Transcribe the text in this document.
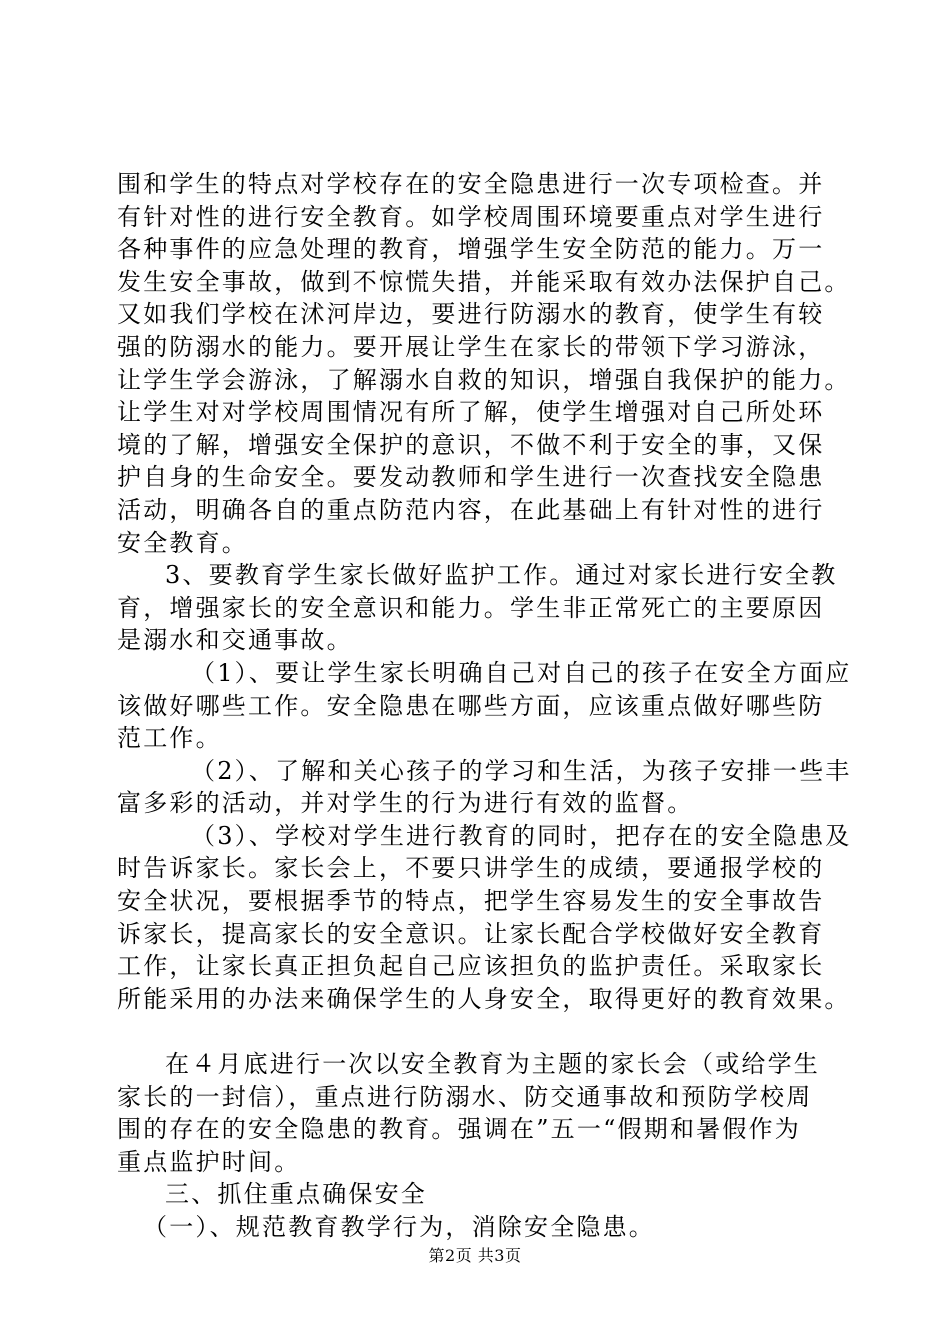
围和学生的特点对学校存在的安全隐患进行一次专项检查。并
有针对性的进行安全教育。如学校周围环境要重点对学生进行
各种事件的应急处理的教育，增强学生安全防范的能力。万一
发生安全事故，做到不惊慌失措，并能采取有效办法保护自己。
又如我们学校在沭河岸边，要进行防溺水的教育，使学生有较
强的防溺水的能力。要开展让学生在家长的带领下学习游泳，
让学生学会游泳，了解溺水自救的知识，增强自我保护的能力。
让学生对对学校周围情况有所了解，使学生增强对自己所处环
境的了解，增强安全保护的意识，不做不利于安全的事，又保
护自身的生命安全。要发动教师和学生进行一次查找安全隐患
活动，明确各自的重点防范内容，在此基础上有针对性的进行
安全教育。
3、要教育学生家长做好监护工作。通过对家长进行安全教
育，增强家长的安全意识和能力。学生非正常死亡的主要原因
是溺水和交通事故。
（1）、要让学生家长明确自己对自己的孩子在安全方面应
该做好哪些工作。安全隐患在哪些方面，应该重点做好哪些防
范工作。
（2）、了解和关心孩子的学习和生活，为孩子安排一些丰
富多彩的活动，并对学生的行为进行有效的监督。
（3）、学校对学生进行教育的同时，把存在的安全隐患及
时告诉家长。家长会上，不要只讲学生的成绩，要通报学校的
安全状况，要根据季节的特点，把学生容易发生的安全事故告
诉家长，提高家长的安全意识。让家长配合学校做好安全教育
工作，让家长真正担负起自己应该担负的监护责任。采取家长
所能采用的办法来确保学生的人身安全，取得更好的教育效果。
在４月底进行一次以安全教育为主题的家长会（或给学生
家长的一封信），重点进行防溺水、防交通事故和预防学校周
围的存在的安全隐患的教育。强调在”五一“假期和暑假作为
重点监护时间。
三、抓住重点确保安全
（一）、规范教育教学行为，消除安全隐患。
第2页 共3页
